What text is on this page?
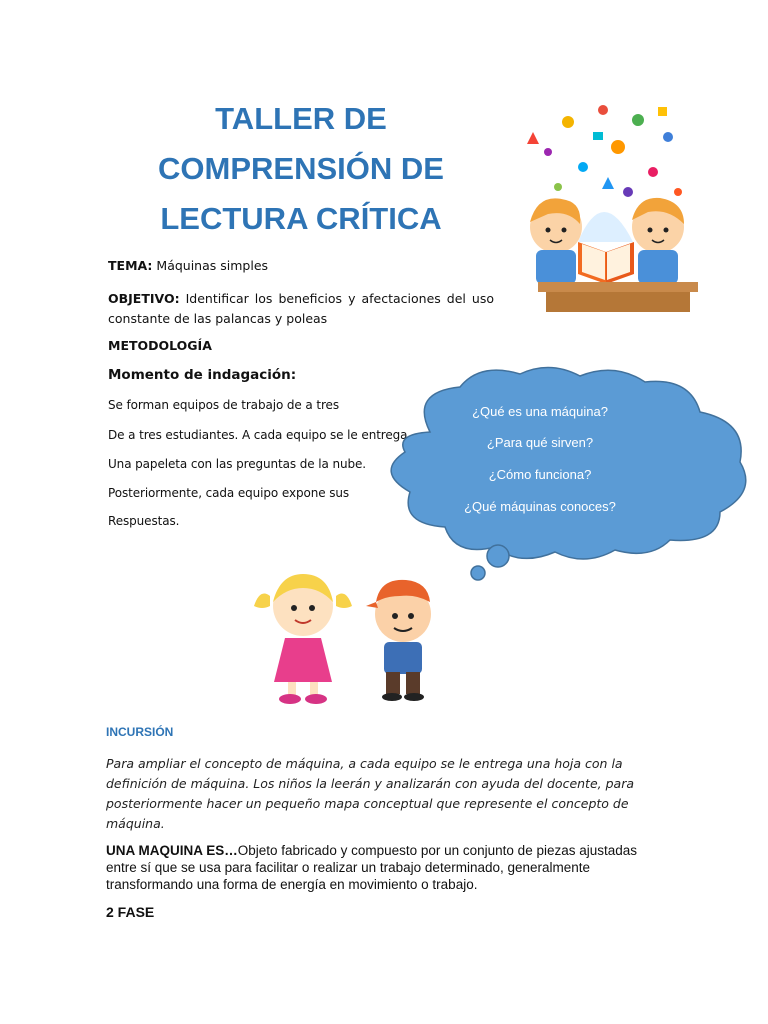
TALLER DE COMPRENSIÓN DE LECTURA CRÍTICA
TEMA: Máquinas simples
OBJETIVO: Identificar los beneficios y afectaciones del uso constante de las palancas y poleas
METODOLOGÍA
Momento de indagación:
Se forman equipos de trabajo de a tres
De a tres estudiantes. A cada equipo se le entrega
Una papeleta con las preguntas de la nube.
Posteriormente, cada equipo expone sus
Respuestas.
¿Qué es una máquina?
¿Para qué sirven?
¿Cómo funciona?
¿Qué máquinas conoces?
INCURSIÓN
Para ampliar el concepto de máquina, a cada equipo se le entrega una hoja con la definición de máquina. Los niños la leerán y analizarán con ayuda del docente, para posteriormente hacer un pequeño mapa conceptual que represente el concepto de máquina.
UNA MAQUINA ES…Objeto fabricado y compuesto por un conjunto de piezas ajustadas entre sí que se usa para facilitar o realizar un trabajo determinado, generalmente transformando una forma de energía en movimiento o trabajo.
2 FASE
